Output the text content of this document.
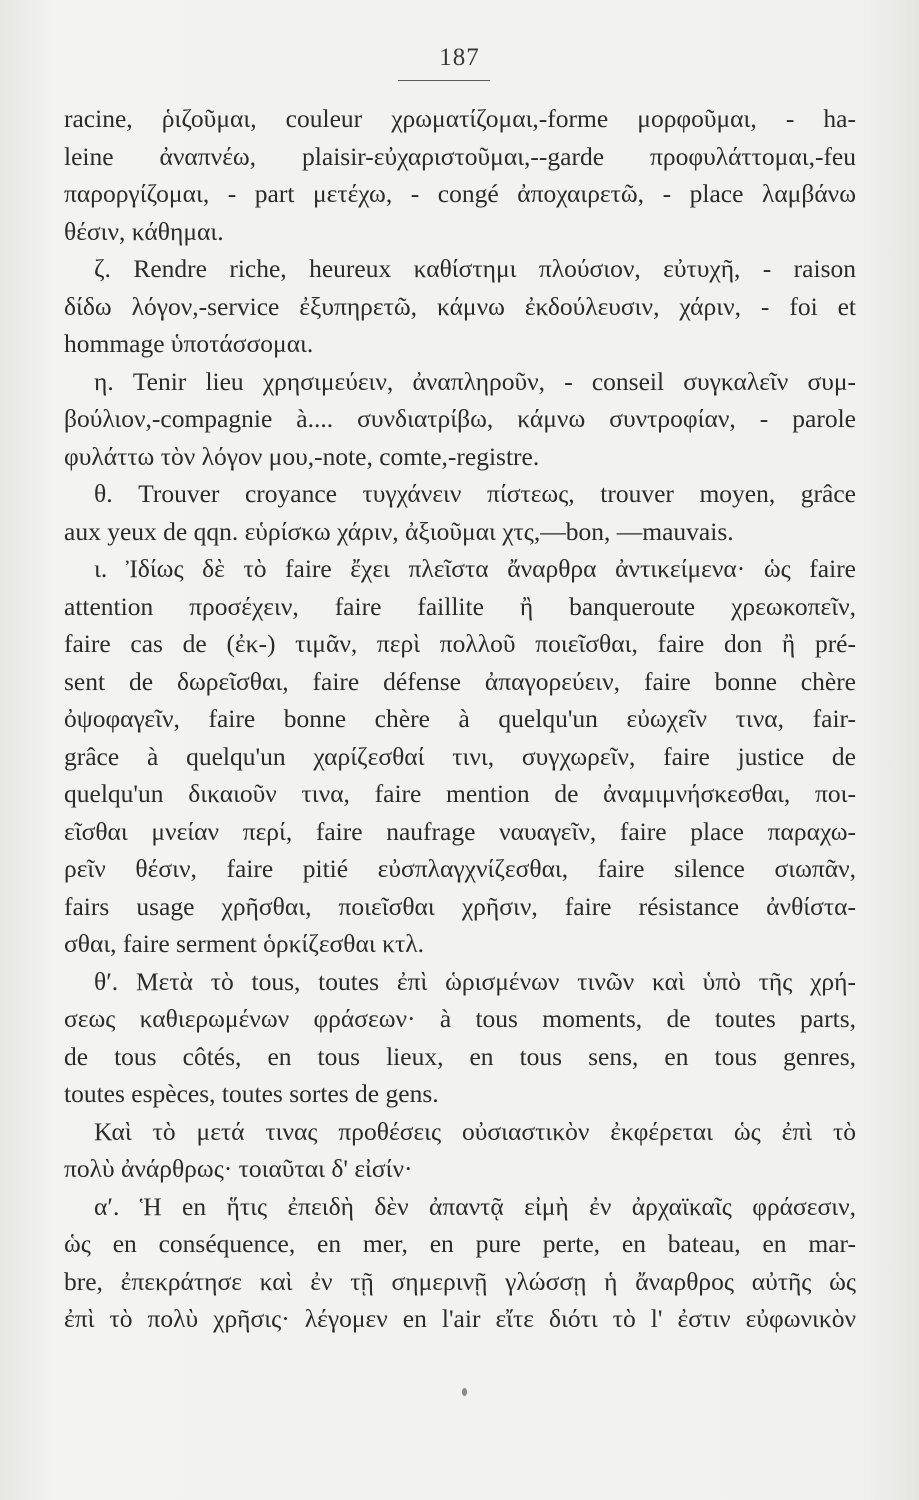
187
racine, ῥιζοῦμαι, couleur χρωματίζομαι,-forme μορφοῦμαι, - ha-
leine ἀναπνέω, plaisir-εὐχαριστοῦμαι,--garde προφυλάττομαι,-feu
παροργίζομαι, - part μετέχω, - congé ἀποχαιρετῶ, - place λαμβάνω
θέσιν, κάθημαι.
ζ. Rendre riche, heureux καθίστημι πλούσιον, εὐτυχῆ, - raison
δίδω λόγον,-service ἐξυπηρετῶ, κάμνω ἐκδούλευσιν, χάριν, - foi et
hommage ὑποτάσσομαι.
η. Tenir lieu χρησιμεύειν, ἀναπληροῦν, - conseil συγκαλεῖν συμ-
βούλιον,-compagnie à.... συνδιατρίβω, κάμνω συντροφίαν, - parole
φυλάττω τὸν λόγον μου,-note, comte,-registre.
θ. Trouver croyance τυγχάνειν πίστεως, trouver moyen, grâce
aux yeux de qqn. εὑρίσκω χάριν, ἀξιοῦμαι χτς,—bon, —mauvais.
ι. Ἰδίως δὲ τὸ faire ἔχει πλεῖστα ἄναρθρα ἀντικείμενα· ὡς faire
attention προσέχειν, faire faillite ἢ banqueroute χρεωκοπεῖν,
faire cas de (ἐκ-) τιμᾶν, περὶ πολλοῦ ποιεῖσθαι, faire don ἢ pré-
sent de δωρεῖσθαι, faire défense ἀπαγορεύειν, faire bonne chère
ὀψοφαγεῖν, faire bonne chère à quelqu'un εὐωχεῖν τινα, fair-
grâce à quelqu'un χαρίζεσθαί τινι, συγχωρεῖν, faire justice de
quelqu'un δικαιοῦν τινα, faire mention de ἀναμιμνήσκεσθαι, ποι-
εῖσθαι μνείαν περί, faire naufrage ναυαγεῖν, faire place παραχω-
ρεῖν θέσιν, faire pitié εὐσπλαγχνίζεσθαι, faire silence σιωπᾶν,
fairs usage χρῆσθαι, ποιεῖσθαι χρῆσιν, faire résistance ἀνθίστα-
σθαι, faire serment ὁρκίζεσθαι κτλ.
θʹ. Μετὰ τὸ tous, toutes ἐπὶ ὡρισμένων τινῶν καὶ ὑπὸ τῆς χρή-
σεως καθιερωμένων φράσεων· à tous moments, de toutes parts,
de tous côtés, en tous lieux, en tous sens, en tous genres,
toutes espèces, toutes sortes de gens.
Καὶ τὸ μετά τινας προθέσεις οὐσιαστικὸν ἐκφέρεται ὡς ἐπὶ τὸ
πολὺ ἀνάρθρως· τοιαῦται δ' εἰσίν·
αʹ. Ἡ en ἥτις ἐπειδὴ δὲν ἀπαντᾷ εἰμὴ ἐν ἀρχαϊκαῖς φράσεσιν,
ὡς en conséquence, en mer, en pure perte, en bateau, en mar-
bre, ἐπεκράτησε καὶ ἐν τῇ σημερινῇ γλώσσῃ ἡ ἄναρθρος αὐτῆς ὡς
ἐπὶ τὸ πολὺ χρῆσις· λέγομεν en l'air εἴτε διότι τὸ l' ἐστιν εὐφωνικὸν
